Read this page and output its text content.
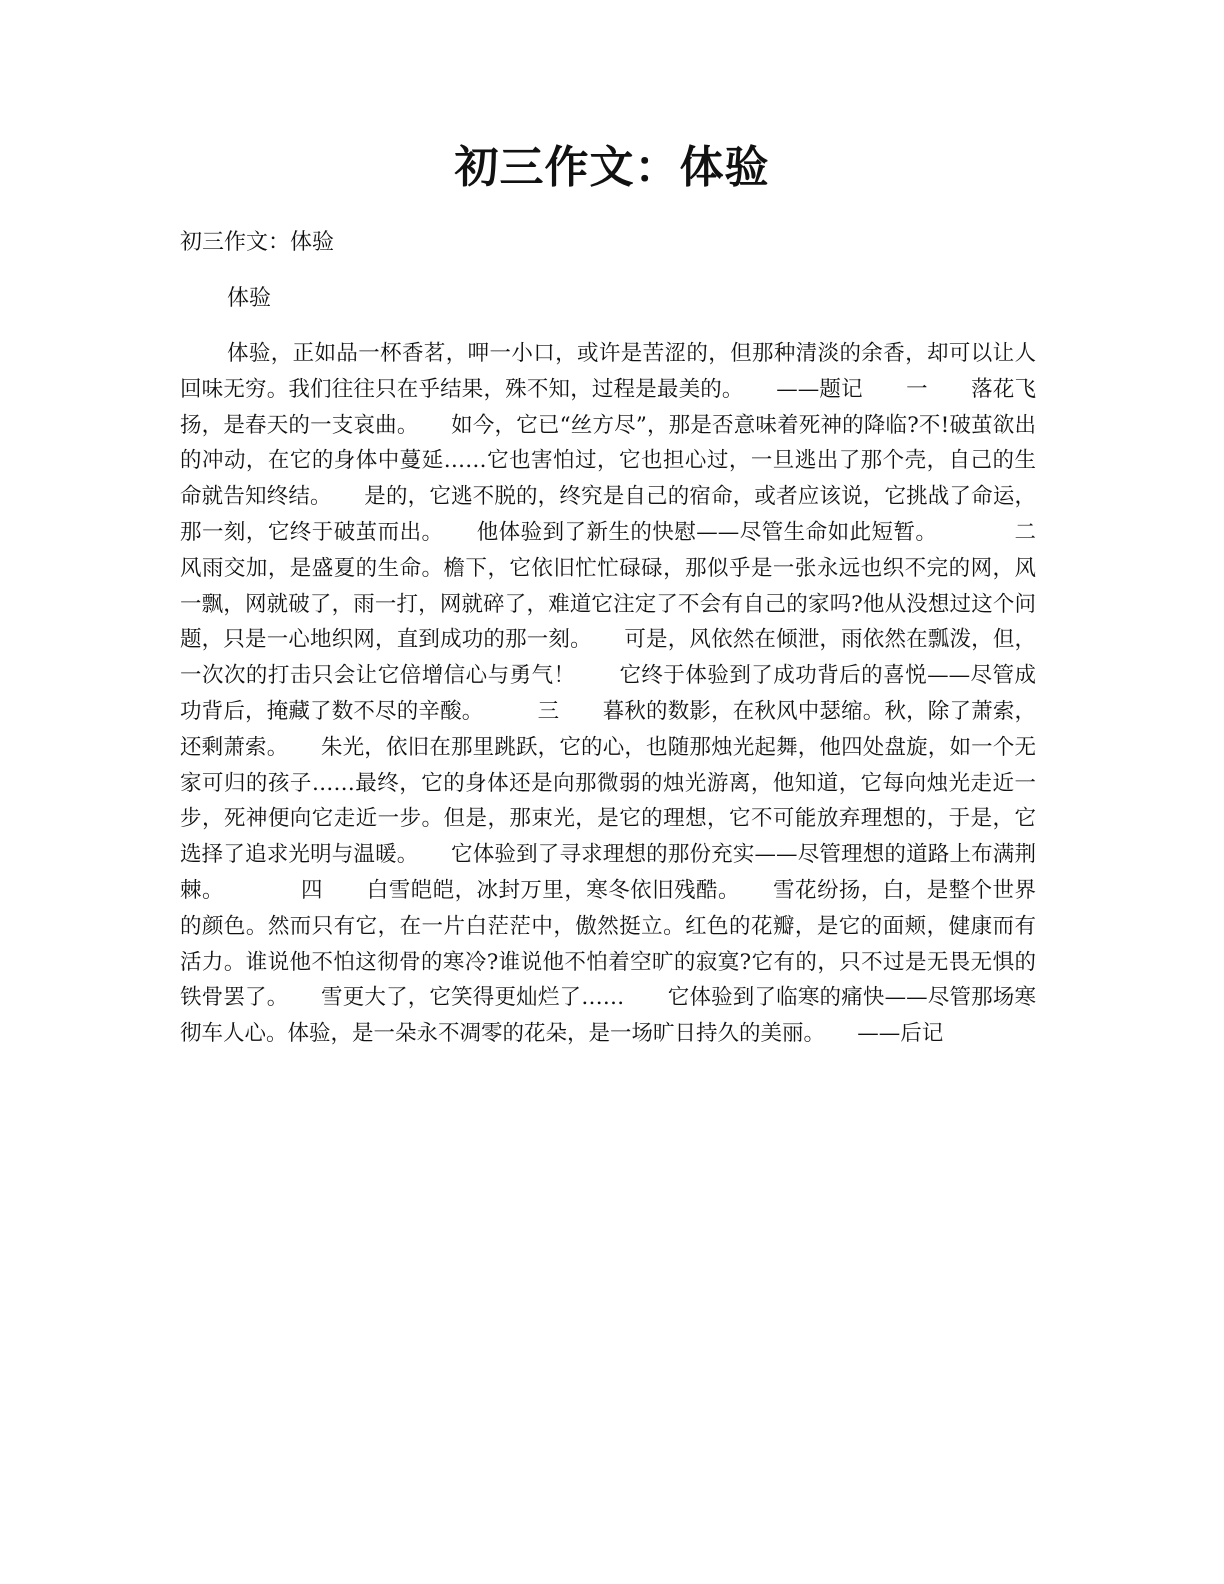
初三作文：体验
初三作文：体验
体验

体验，正如品一杯香茗，呷一小口，或许是苦涩的，但那种清淡的余香，却可以让人回味无穷。我们往往只在乎结果，殊不知，过程是最美的。　　——题记　　一　　落花飞扬，是春天的一支哀曲。　　如今，它已“丝方尽”，那是否意味着死神的降临?不!破茧欲出的冲动，在它的身体中蔓延……它也害怕过，它也担心过，一旦逃出了那个壳，自己的生命就告知终结。　　是的，它逃不脱的，终究是自己的宿命，或者应该说，它挑战了命运，那一刻，它终于破茧而出。　　他体验到了新生的快慰——尽管生命如此短暂。　　　　二　　风雨交加，是盛夏的生命。檐下，它依旧忙忙碌碌，那似乎是一张永远也织不完的网，风一飘，网就破了，雨一打，网就碎了，难道它注定了不会有自己的家吗?他从没想过这个问题，只是一心地织网，直到成功的那一刻。　　可是，风依然在倾泄，雨依然在瓢泼，但，一次次的打击只会让它倍增信心与勇气！　　它终于体验到了成功背后的喜悦——尽管成功背后，掩藏了数不尽的辛酸。　　　三　　暮秋的数影，在秋风中瑟缩。秋，除了萧索，还剩萧索。　　朱光，依旧在那里跳跃，它的心，也随那烛光起舞，他四处盘旋，如一个无家可归的孩子……最终，它的身体还是向那微弱的烛光游离，他知道，它每向烛光走近一步，死神便向它走近一步。但是，那束光，是它的理想，它不可能放弃理想的，于是，它选择了追求光明与温暖。　　它体验到了寻求理想的那份充实——尽管理想的道路上布满荆棘。　　　　四　　白雪皑皑，冰封万里，寒冬依旧残酷。　　雪花纷扬，白，是整个世界的颜色。然而只有它，在一片白茫茫中，傲然挺立。红色的花瓣，是它的面颊，健康而有活力。谁说他不怕这彻骨的寒冷?谁说他不怕着空旷的寂寞?它有的，只不过是无畏无惧的铁骨罢了。　　雪更大了，它笑得更灿烂了……　　它体验到了临寒的痛快——尽管那场寒彻车人心。体验，是一朵永不凋零的花朵，是一场旷日持久的美丽。　　——后记
